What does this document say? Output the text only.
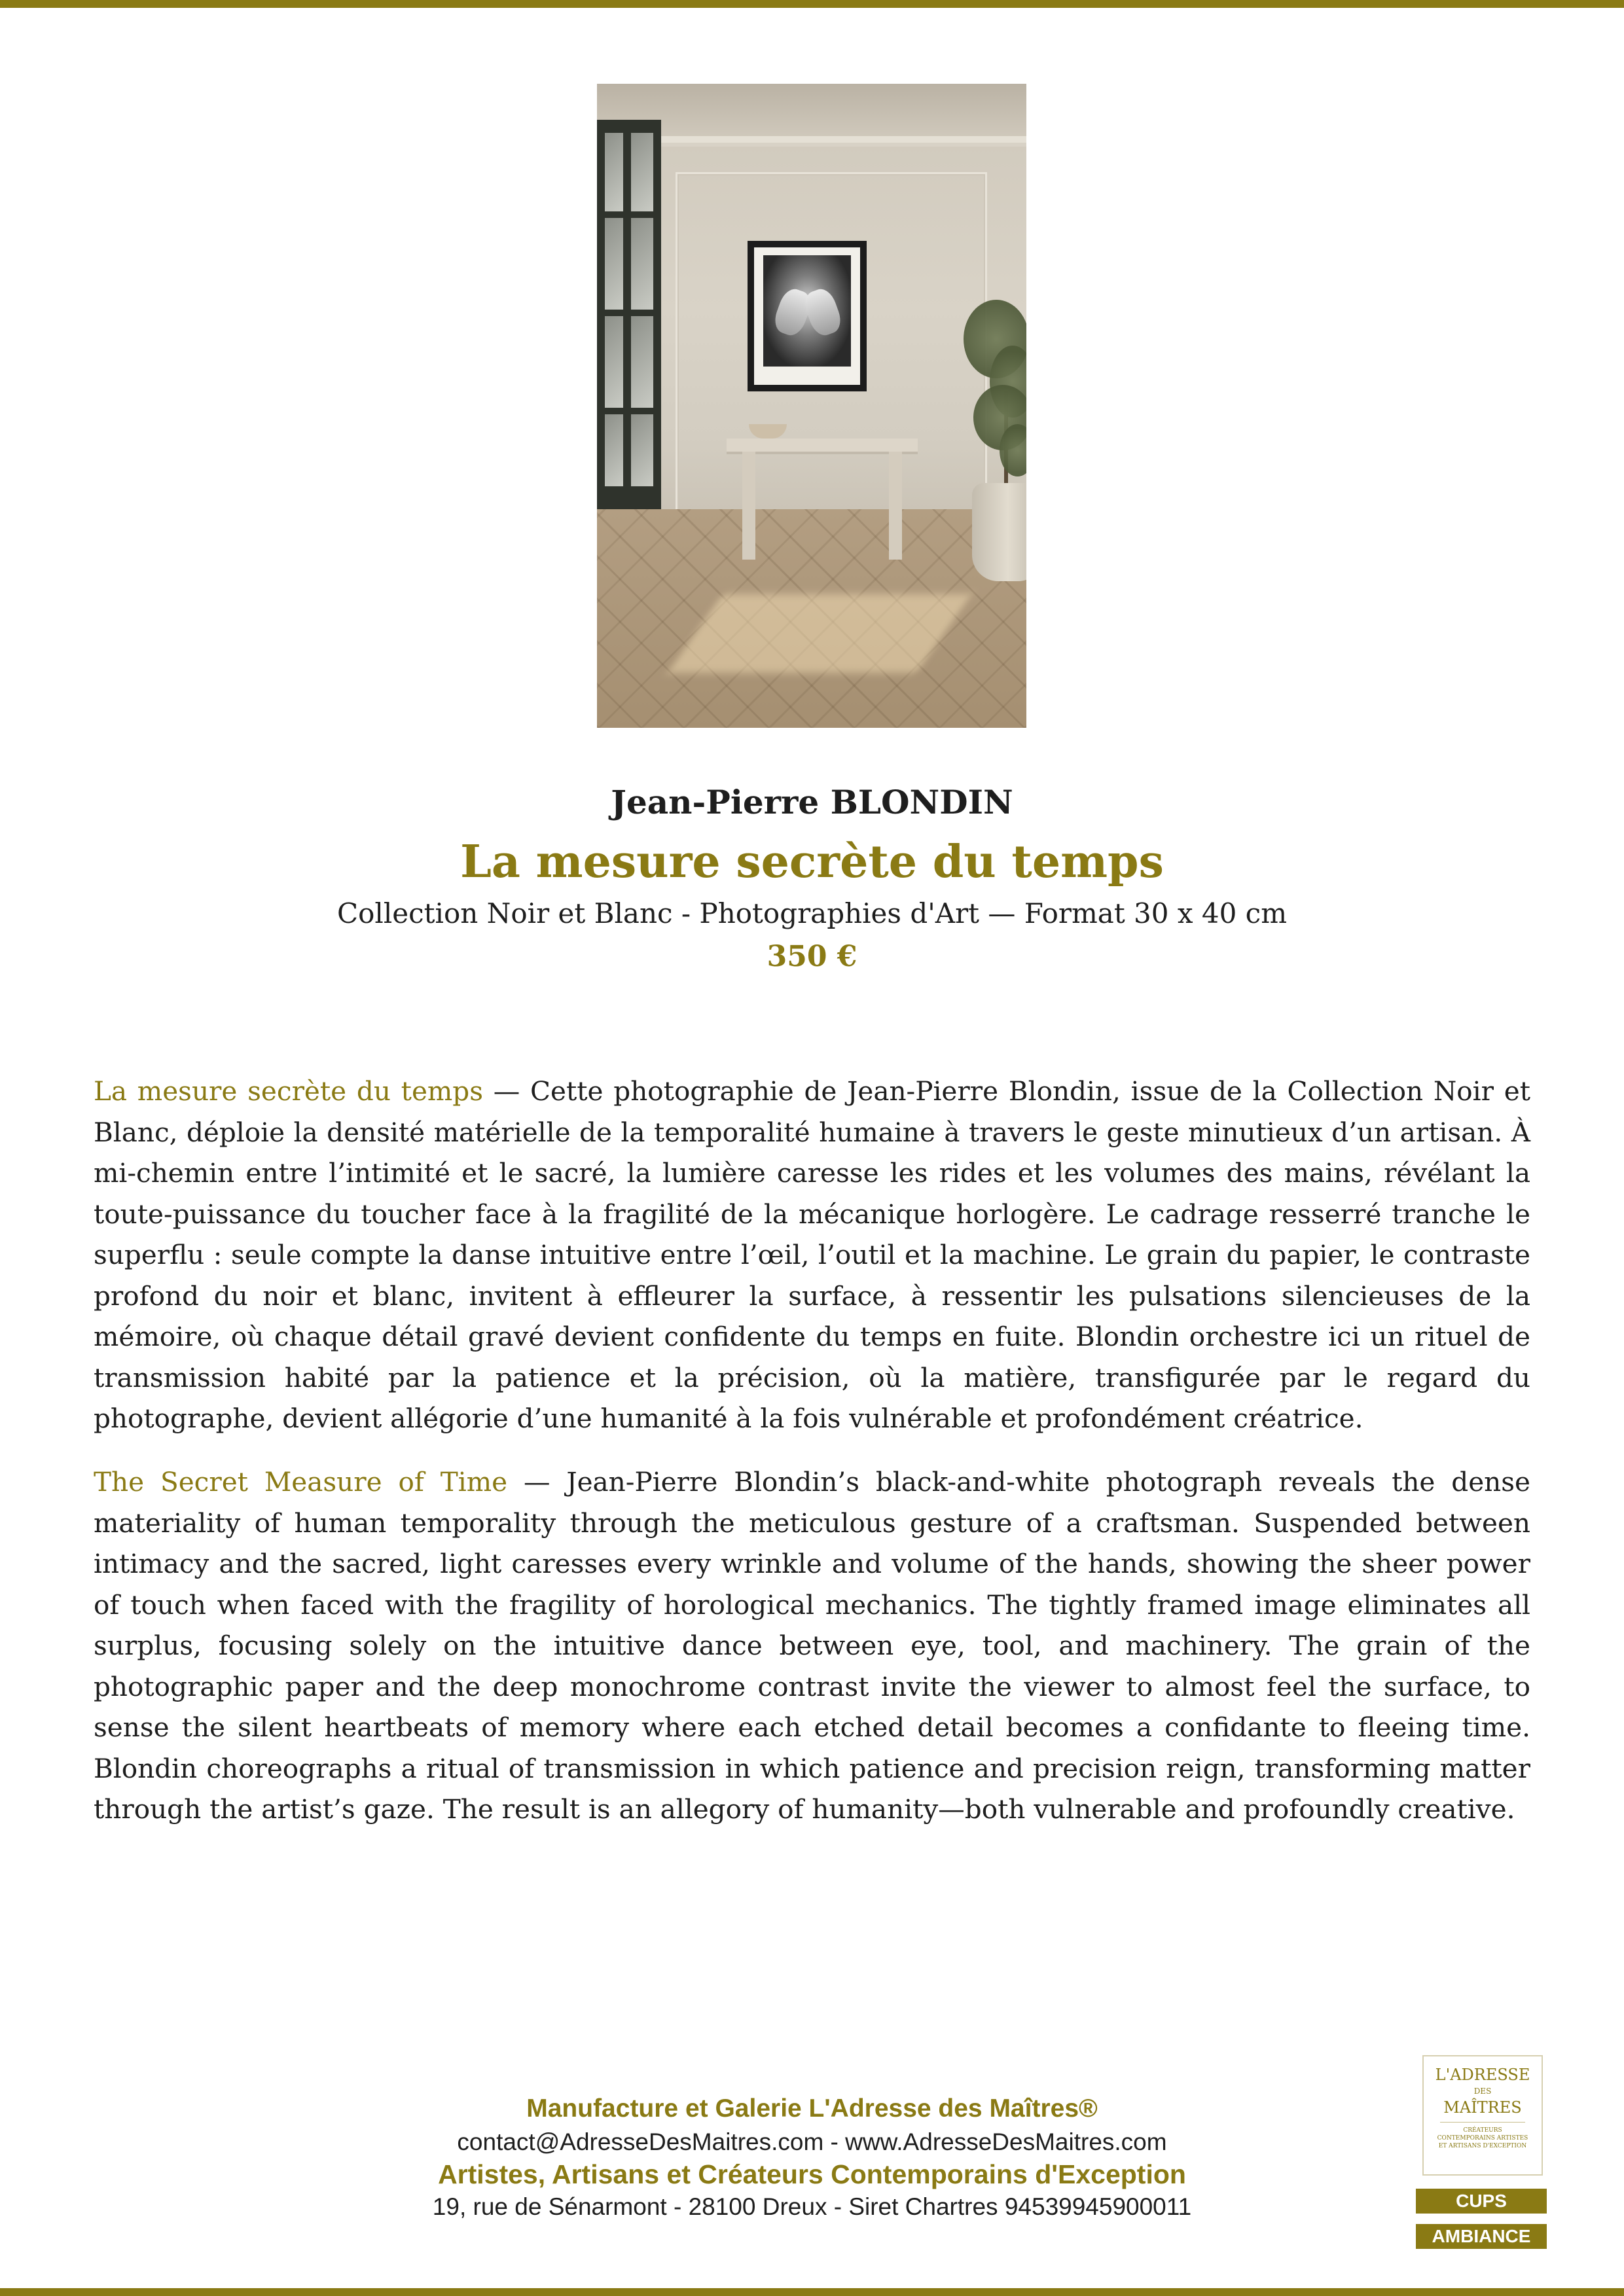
Jean-Pierre BLONDIN
La mesure secrète du temps
Collection Noir et Blanc - Photographies d'Art — Format 30 x 40 cm
350 €

La mesure secrète du temps — Cette photographie de Jean-Pierre Blondin, issue de la Collection Noir et Blanc, déploie la densité matérielle de la temporalité humaine à travers le geste minutieux d’un artisan. À mi-chemin entre l’intimité et le sacré, la lumière caresse les rides et les volumes des mains, révélant la toute-puissance du toucher face à la fragilité de la mécanique horlogère. Le cadrage resserré tranche le superflu : seule compte la danse intuitive entre l’œil, l’outil et la machine. Le grain du papier, le contraste profond du noir et blanc, invitent à effleurer la surface, à ressentir les pulsations silencieuses de la mémoire, où chaque détail gravé devient confidente du temps en fuite. Blondin orchestre ici un rituel de transmission habité par la patience et la précision, où la matière, transfigurée par le regard du photographe, devient allégorie d’une humanité à la fois vulnérable et profondément créatrice.

The Secret Measure of Time — Jean-Pierre Blondin’s black-and-white photograph reveals the dense materiality of human temporality through the meticulous gesture of a craftsman. Suspended between intimacy and the sacred, light caresses every wrinkle and volume of the hands, showing the sheer power of touch when faced with the fragility of horological mechanics. The tightly framed image eliminates all surplus, focusing solely on the intuitive dance between eye, tool, and machinery. The grain of the photographic paper and the deep monochrome contrast invite the viewer to almost feel the surface, to sense the silent heartbeats of memory where each etched detail becomes a confidante to fleeing time. Blondin choreographs a ritual of transmission in which patience and precision reign, transforming matter through the artist’s gaze. The result is an allegory of humanity—both vulnerable and profoundly creative.

Manufacture et Galerie L'Adresse des Maîtres®
contact@AdresseDesMaitres.com - www.AdresseDesMaitres.com
Artistes, Artisans et Créateurs Contemporains d'Exception
19, rue de Sénarmont - 28100 Dreux - Siret Chartres 94539945900011
L'ADRESSE
DES
MAÎTRES
CRÉATEURS CONTEMPORAINS ARTISTES ET ARTISANS D'EXCEPTION
CUPS
AMBIANCE
